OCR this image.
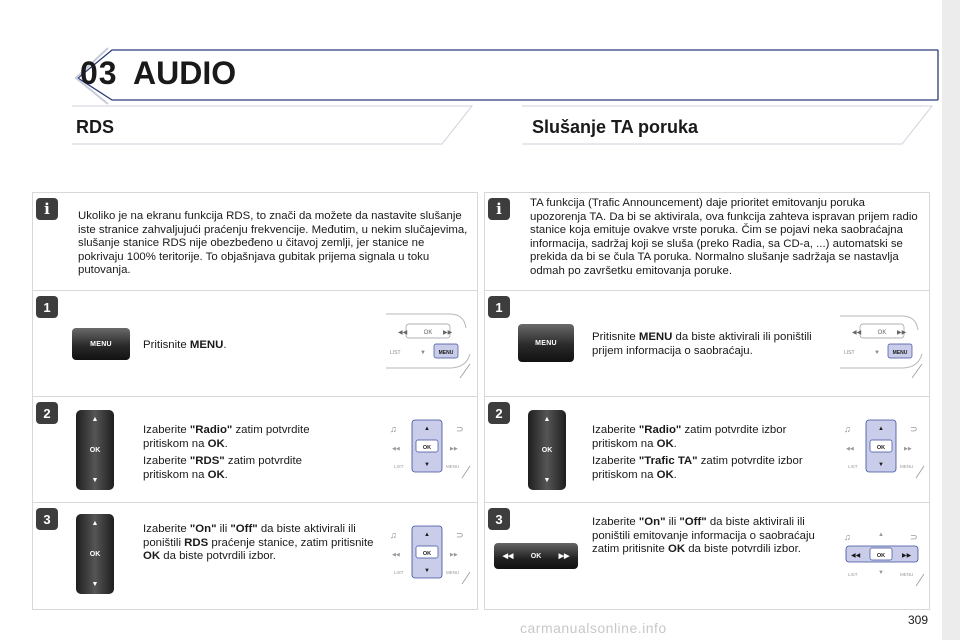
03 AUDIO
RDS	Slušanje TA poruka
i	Ukoliko je na ekranu funkcija RDS, to znači da možete da nastavite slušanje iste stranice zahvaljujući praćenju frekvencije. Međutim, u nekim slučajevima, slušanje stanice RDS nije obezbeđeno u čitavoj zemlji, jer stanice ne pokrivaju 100% teritorije. To objašnjava gubitak prijema signala u toku putovanja.
1
MENU	Pritisnite MENU.
OK
◀◀	▶▶
LIST	▼	MENU
2	▲
OK
▼

Izaberite "Radio" zatim potvrdite pritiskom na OK.

Izaberite "RDS" zatim potvrdite pritiskom na OK.

♫	⊃
▲
OK
▼
◀◀	▶▶
LIST	MENU
3	▲
OK
▼
Izaberite "On" ili "Off" da biste aktivirali ili poništili RDS praćenje stanice, zatim pritisnite OK da biste potvrdili izbor.
♫	⊃
▲
OK
▼
◀◀	▶▶
LIST	MENU
i	TA funkcija (Trafic Announcement) daje prioritet emitovanju poruka upozorenja TA. Da bi se aktivirala, ova funkcija zahteva ispravan prijem radio stanice koja emituje ovakve vrste poruka. Čim se pojavi neka saobraćajna informacija, sadržaj koji se sluša (preko Radia, sa CD-a, ...) automatski se prekida da bi se čula TA poruka. Normalno slušanje sadržaja se nastavlja odmah po završetku emitovanja poruke.
1
MENU	Pritisnite MENU da biste aktivirali ili poništili prijem informacija o saobraćaju.
OK
◀◀	▶▶
LIST	▼	MENU
2	▲
OK
▼

Izaberite "Radio" zatim potvrdite izbor pritiskom na OK.

Izaberite "Trafic TA" zatim potvrdite izbor pritiskom na OK.

♫	⊃
▲
OK
▼
◀◀	▶▶
LIST	MENU
3
◀◀ OK ▶▶
Izaberite "On" ili "Off" da biste aktivirali ili poništili emitovanje informacija o saobraćaju zatim pritisnite OK da biste potvrdili izbor.
♫	⊃
▲
OK
◀◀	▶▶
▼
LIST	MENU
carmanualsonline.info	309
